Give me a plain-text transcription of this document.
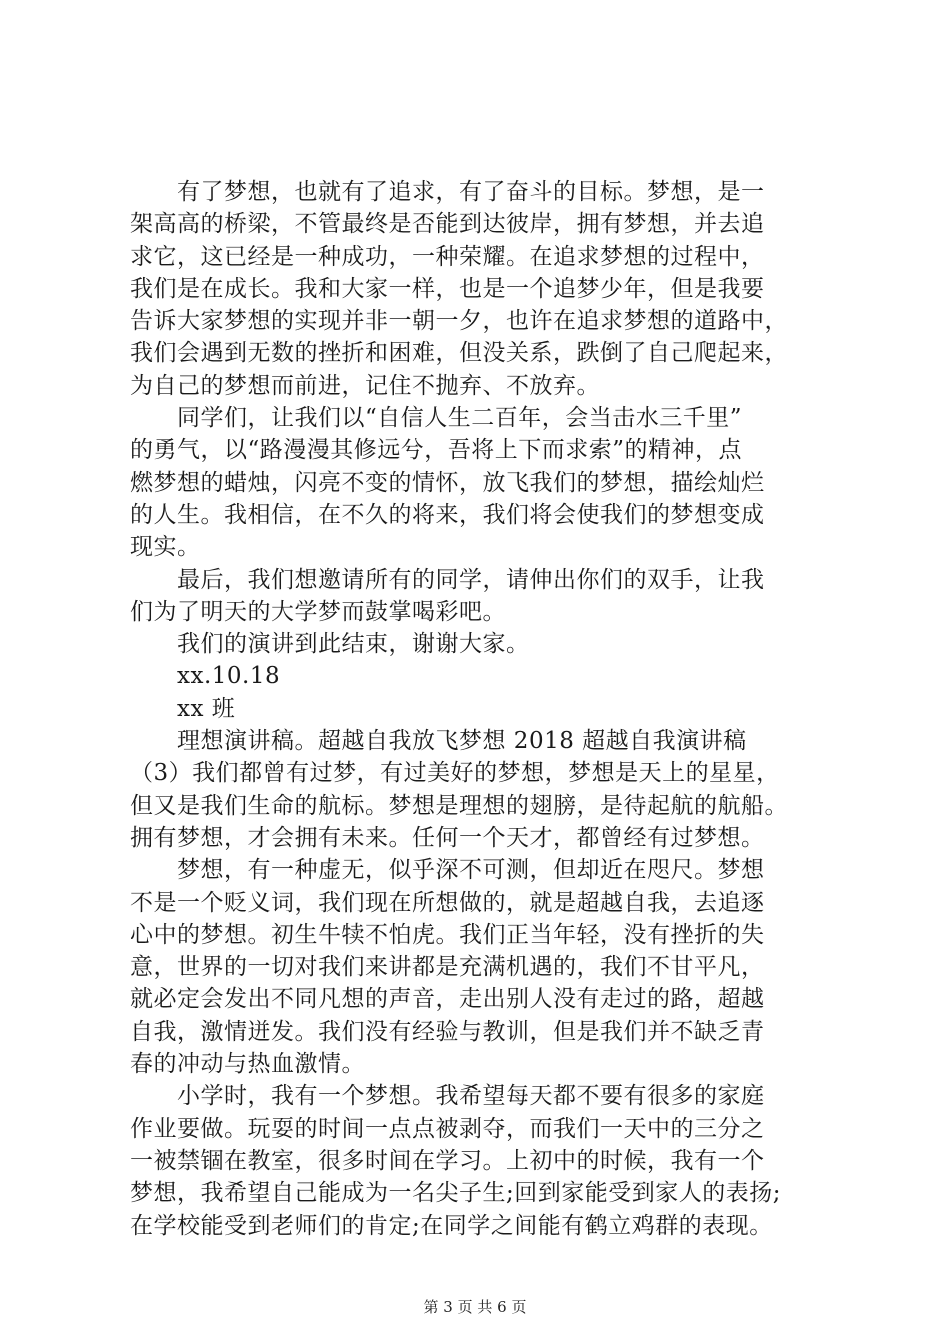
　　有了梦想，也就有了追求，有了奋斗的目标。梦想，是一
架高高的桥梁，不管最终是否能到达彼岸，拥有梦想，并去追
求它，这已经是一种成功，一种荣耀。在追求梦想的过程中，
我们是在成长。我和大家一样，也是一个追梦少年，但是我要
告诉大家梦想的实现并非一朝一夕，也许在追求梦想的道路中，
我们会遇到无数的挫折和困难，但没关系，跌倒了自己爬起来，
为自己的梦想而前进，记住不抛弃、不放弃。
　　同学们，让我们以“自信人生二百年，会当击水三千里”
的勇气，以“路漫漫其修远兮，吾将上下而求索”的精神，点
燃梦想的蜡烛，闪亮不变的情怀，放飞我们的梦想，描绘灿烂
的人生。我相信，在不久的将来，我们将会使我们的梦想变成
现实。
　　最后，我们想邀请所有的同学，请伸出你们的双手，让我
们为了明天的大学梦而鼓掌喝彩吧。
　　我们的演讲到此结束，谢谢大家。
　　xx.10.18
　　xx 班
　　理想演讲稿。超越自我放飞梦想 2018 超越自我演讲稿
（3）我们都曾有过梦，有过美好的梦想，梦想是天上的星星，
但又是我们生命的航标。梦想是理想的翅膀，是待起航的航船。
拥有梦想，才会拥有未来。任何一个天才，都曾经有过梦想。
　　梦想，有一种虚无，似乎深不可测，但却近在咫尺。梦想
不是一个贬义词，我们现在所想做的，就是超越自我，去追逐
心中的梦想。初生牛犊不怕虎。我们正当年轻，没有挫折的失
意，世界的一切对我们来讲都是充满机遇的，我们不甘平凡，
就必定会发出不同凡想的声音，走出别人没有走过的路，超越
自我，激情迸发。我们没有经验与教训，但是我们并不缺乏青
春的冲动与热血激情。
　　小学时，我有一个梦想。我希望每天都不要有很多的家庭
作业要做。玩耍的时间一点点被剥夺，而我们一天中的三分之
一被禁锢在教室，很多时间在学习。上初中的时候，我有一个
梦想，我希望自己能成为一名尖子生;回到家能受到家人的表扬;
在学校能受到老师们的肯定;在同学之间能有鹤立鸡群的表现。
第 3 页 共 6 页
